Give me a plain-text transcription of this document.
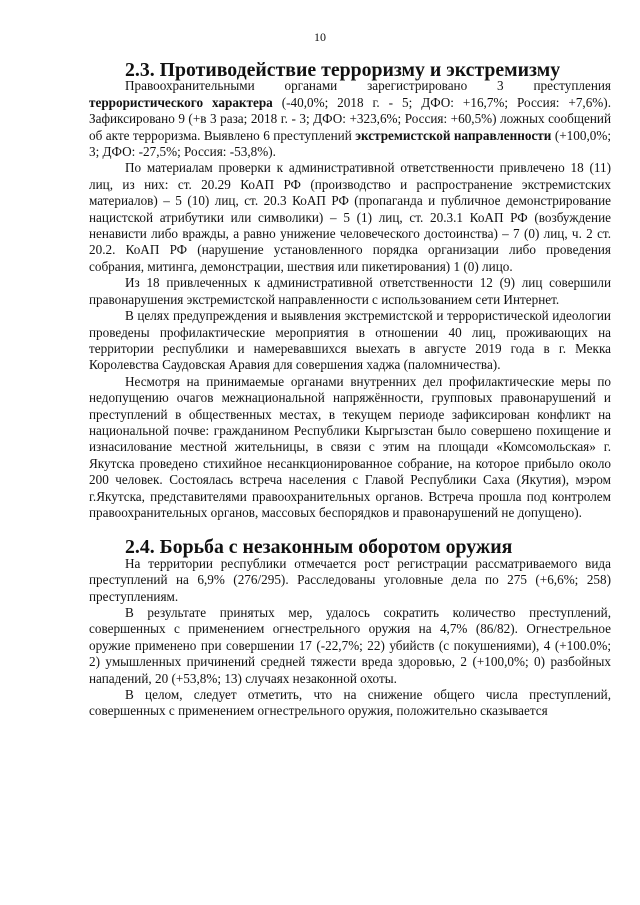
10
2.3. Противодействие терроризму и экстремизму

Правоохранительными органами зарегистрировано 3 преступления террористического характера (-40,0%; 2018 г. - 5; ДФО: +16,7%; Россия: +7,6%). Зафиксировано 9 (+в 3 раза; 2018 г. - 3; ДФО: +323,6%; Россия: +60,5%) ложных сообщений об акте терроризма. Выявлено 6 преступлений экстремистской направленности (+100,0%; 3; ДФО: -27,5%; Россия: -53,8%).

По материалам проверки к административной ответственности привлечено 18 (11) лиц, из них: ст. 20.29 КоАП РФ (производство и распространение экстремистских материалов) – 5 (10) лиц, ст. 20.3 КоАП РФ (пропаганда и публичное демонстрирование нацистской атрибутики или символики) – 5 (1) лиц, ст. 20.3.1 КоАП РФ (возбуждение ненависти либо вражды, а равно унижение человеческого достоинства) – 7 (0) лиц, ч. 2 ст. 20.2. КоАП РФ (нарушение установленного порядка организации либо проведения собрания, митинга, демонстрации, шествия или пикетирования) 1 (0) лицо.

Из 18 привлеченных к административной ответственности 12 (9) лиц совершили правонарушения экстремистской направленности с использованием сети Интернет.

В целях предупреждения и выявления экстремистской и террористической идеологии проведены профилактические мероприятия в отношении 40 лиц, проживающих на территории республики и намеревавшихся выехать в августе 2019 года в г. Мекка Королевства Саудовская Аравия для совершения хаджа (паломничества).

Несмотря на принимаемые органами внутренних дел профилактические меры по недопущению очагов межнациональной напряжённости, групповых правонарушений и преступлений в общественных местах, в текущем периоде зафиксирован конфликт на национальной почве: гражданином Республики Кыргызстан было совершено похищение и изнасилование местной жительницы, в связи с этим на площади «Комсомольская» г. Якутска проведено стихийное несанкционированное собрание, на которое прибыло около 200 человек. Состоялась встреча населения с Главой Республики Саха (Якутия), мэром г.Якутска, представителями правоохранительных органов. Встреча прошла под контролем правоохранительных органов, массовых беспорядков и правонарушений не допущено).

2.4. Борьба с незаконным оборотом оружия

На территории республики отмечается рост регистрации рассматриваемого вида преступлений на 6,9% (276/295). Расследованы уголовные дела по 275 (+6,6%; 258) преступлениям.

В результате принятых мер, удалось сократить количество преступлений, совершенных с применением огнестрельного оружия на 4,7% (86/82). Огнестрельное оружие применено при совершении 17 (-22,7%; 22) убийств (с покушениями), 4 (+100.0%; 2) умышленных причинений средней тяжести вреда здоровью, 2 (+100,0%; 0) разбойных нападений, 20 (+53,8%; 13) случаях незаконной охоты.

В целом, следует отметить, что на снижение общего числа преступлений, совершенных с применением огнестрельного оружия, положительно сказывается
